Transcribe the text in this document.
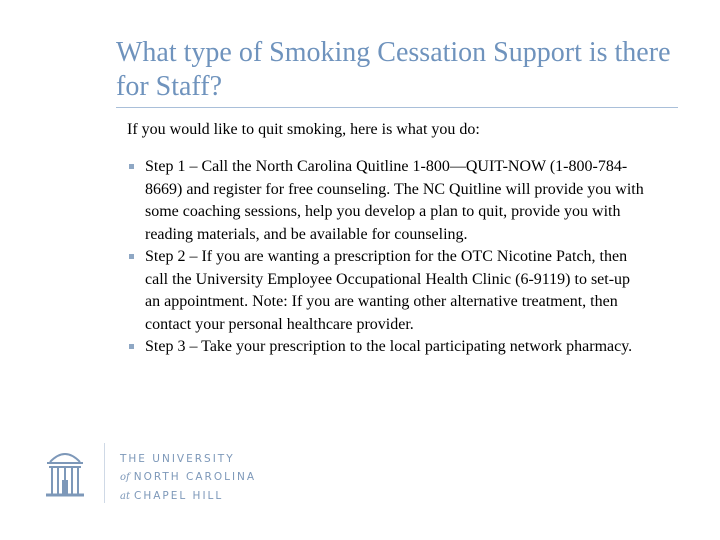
What type of Smoking Cessation Support is there for Staff?
If you would like to quit smoking, here is what you do:
Step 1 – Call the North Carolina Quitline 1-800—QUIT-NOW (1-800-784-8669) and register for free counseling. The NC Quitline will provide you with some coaching sessions, help you develop a plan to quit, provide you with reading materials, and be available for counseling.
Step 2 – If you are wanting a prescription for the OTC Nicotine Patch, then call the University Employee Occupational Health Clinic (6-9119) to set-up an appointment. Note: If you are wanting other alternative treatment, then contact your personal healthcare provider.
Step 3 – Take your prescription to the local participating network pharmacy.
THE UNIVERSITY
of NORTH CAROLINA
at CHAPEL HILL
